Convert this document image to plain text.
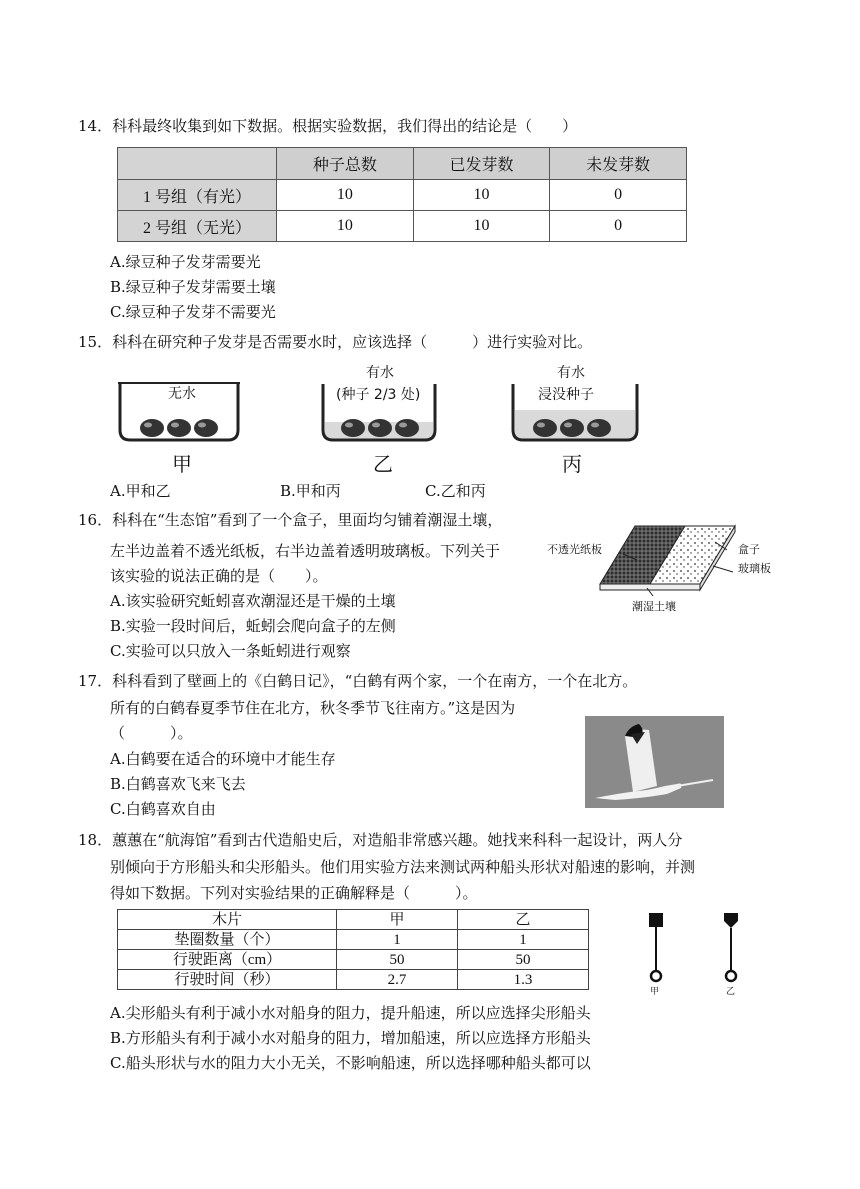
14．科科最终收集到如下数据。根据实验数据，我们得出的结论是（　　）
	种子总数	已发芽数	未发芽数
1 号组（有光）	10	10	0
2 号组（无光）	10	10	0
A.绿豆种子发芽需要光
B.绿豆种子发芽需要土壤
C.绿豆种子发芽不需要光
15．科科在研究种子发芽是否需要水时，应该选择（　　　）进行实验对比。
无水
有水
(种子 2/3 处)
有水
浸没种子
甲	乙	丙
A.甲和乙	B.甲和丙	C.乙和丙
16．科科在“生态馆”看到了一个盒子，里面均匀铺着潮湿土壤，
左半边盖着不透光纸板，右半边盖着透明玻璃板。下列关于
该实验的说法正确的是（　　）。
不透光纸板	盒子
玻璃板
潮湿土壤
A.该实验研究蚯蚓喜欢潮湿还是干燥的土壤
B.实验一段时间后，蚯蚓会爬向盒子的左侧
C.实验可以只放入一条蚯蚓进行观察
17．科科看到了壁画上的《白鹤日记》，“白鹤有两个家，一个在南方，一个在北方。
所有的白鹤春夏季节住在北方，秋冬季节飞往南方。”这是因为
（　　　）。
A.白鹤要在适合的环境中才能生存
B.白鹤喜欢飞来飞去
C.白鹤喜欢自由
18．蕙蕙在“航海馆”看到古代造船史后，对造船非常感兴趣。她找来科科一起设计，两人分
别倾向于方形船头和尖形船头。他们用实验方法来测试两种船头形状对船速的影响，并测
得如下数据。下列对实验结果的正确解释是（　　　）。
木片	甲	乙
垫圈数量（个）	1	1
行驶距离（cm）	50	50
行驶时间（秒）	2.7	1.3
甲	乙
A.尖形船头有利于减小水对船身的阻力，提升船速，所以应选择尖形船头
B.方形船头有利于减小水对船身的阻力，增加船速，所以应选择方形船头
C.船头形状与水的阻力大小无关，不影响船速，所以选择哪种船头都可以
